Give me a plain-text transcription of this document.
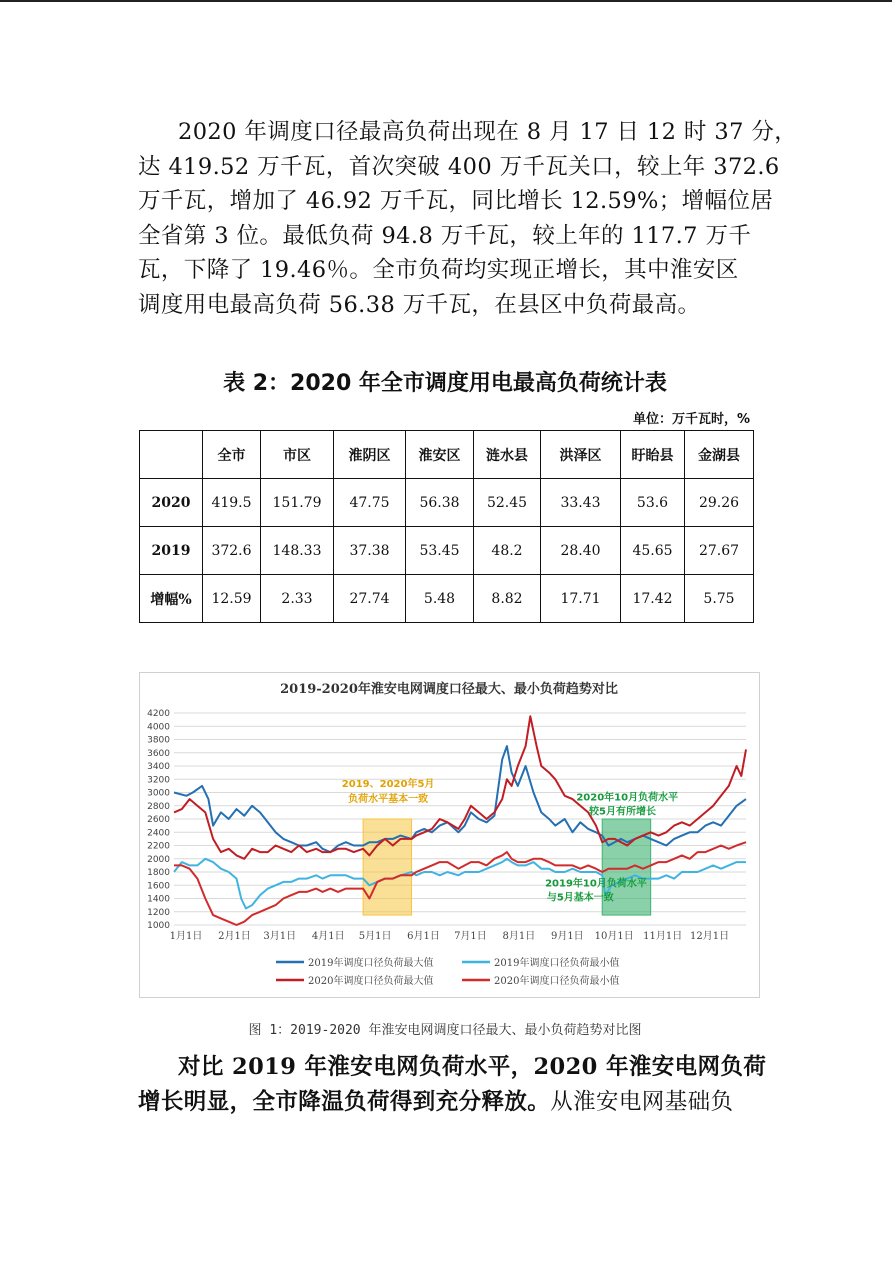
2020 年调度口径最高负荷出现在 8 月 17 日 12 时 37 分，
达 419.52 万千瓦，首次突破 400 万千瓦关口，较上年 372.6
万千瓦，增加了 46.92 万千瓦，同比增长 12.59%；增幅位居
全省第 3 位。最低负荷 94.8 万千瓦，较上年的 117.7 万千
瓦，下降了 19.46％。全市负荷均实现正增长，其中淮安区
调度用电最高负荷 56.38 万千瓦，在县区中负荷最高。
表 2：2020 年全市调度用电最高负荷统计表
单位：万千瓦时，%
	全市	市区	淮阴区	淮安区	涟水县	洪泽区	盱眙县	金湖县
2020	419.5	151.79	47.75	56.38	52.45	33.43	53.6	29.26
2019	372.6	148.33	37.38	53.45	48.2	28.40	45.65	27.67
增幅%	12.59	2.33	27.74	5.48	8.82	17.71	17.42	5.75
2019-2020年淮安电网调度口径最大、最小负荷趋势对比
1000
1200
1400
1600
1800
2000
2200
2400
2600
2800
3000
3200
3400
3600
3800
4000
4200
1月1日 2月1日 3月1日 4月1日 5月1日 6月1日 7月1日 8月1日 9月1日 10月1日 11月1日 12月1日
2019、2020年5月
负荷水平基本一致	2020年10月负荷水平
较5月有所增长
2019年10月负荷水平
与5月基本一致
2019年调度口径负荷最大值	2019年调度口径负荷最小值
2020年调度口径负荷最大值	2020年调度口径负荷最小值
图 1：2019-2020 年淮安电网调度口径最大、最小负荷趋势对比图
对比 2019 年淮安电网负荷水平，2020 年淮安电网负荷
增长明显，全市降温负荷得到充分释放。从淮安电网基础负
